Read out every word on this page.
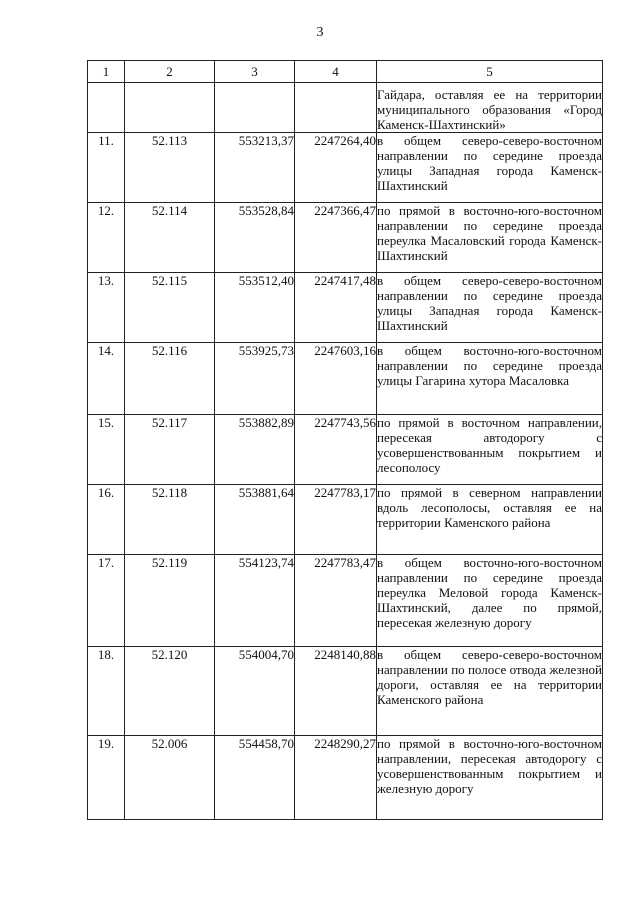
3
1	2	3	4	5
				Гайдара, оставляя ее на территории муниципального образования «Город Каменск-Шахтинский»
11.	52.113	553213,37	2247264,40	в общем северо-северо-восточном направлении по середине проезда улицы Западная города Каменск-Шахтинский
12.	52.114	553528,84	2247366,47	по прямой в восточно-юго-восточном направлении по середине проезда переулка Масаловский города Каменск-Шахтинский
13.	52.115	553512,40	2247417,48	в общем северо-северо-восточном направлении по середине проезда улицы Западная города Каменск-Шахтинский
14.	52.116	553925,73	2247603,16	в общем восточно-юго-восточном направлении по середине проезда улицы Гагарина хутора Масаловка
15.	52.117	553882,89	2247743,56	по прямой в восточном направлении, пересекая автодорогу с усовершенствованным покрытием и лесополосу
16.	52.118	553881,64	2247783,17	по прямой в северном направлении вдоль лесополосы, оставляя ее на территории Каменского района
17.	52.119	554123,74	2247783,47	в общем восточно-юго-восточном направлении по середине проезда переулка Меловой города Каменск-Шахтинский, далее по прямой, пересекая железную дорогу
18.	52.120	554004,70	2248140,88	в общем северо-северо-восточном направлении по полосе отвода железной дороги, оставляя ее на территории Каменского района
19.	52.006	554458,70	2248290,27	по прямой в восточно-юго-восточном направлении, пересекая автодорогу с усовершенствованным покрытием и железную дорогу
